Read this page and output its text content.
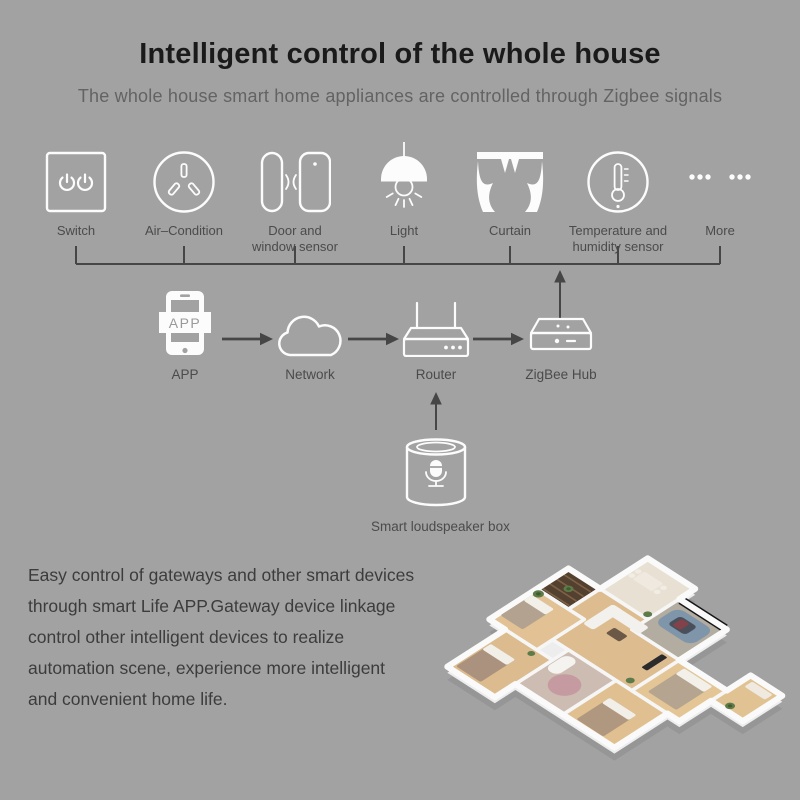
Intelligent control of the whole house
The whole house smart home appliances are controlled through Zigbee signals
Switch	Air–Condition	Door and window sensor
Light	Curtain	Temperature and humidity sensor
More
APP
APP	Network	Router	ZigBee Hub
Smart loudspeaker box
Easy control of gateways and other smart devices
through smart Life APP.Gateway device linkage
control other intelligent devices to realize
automation scene, experience more intelligent
and convenient home life.
